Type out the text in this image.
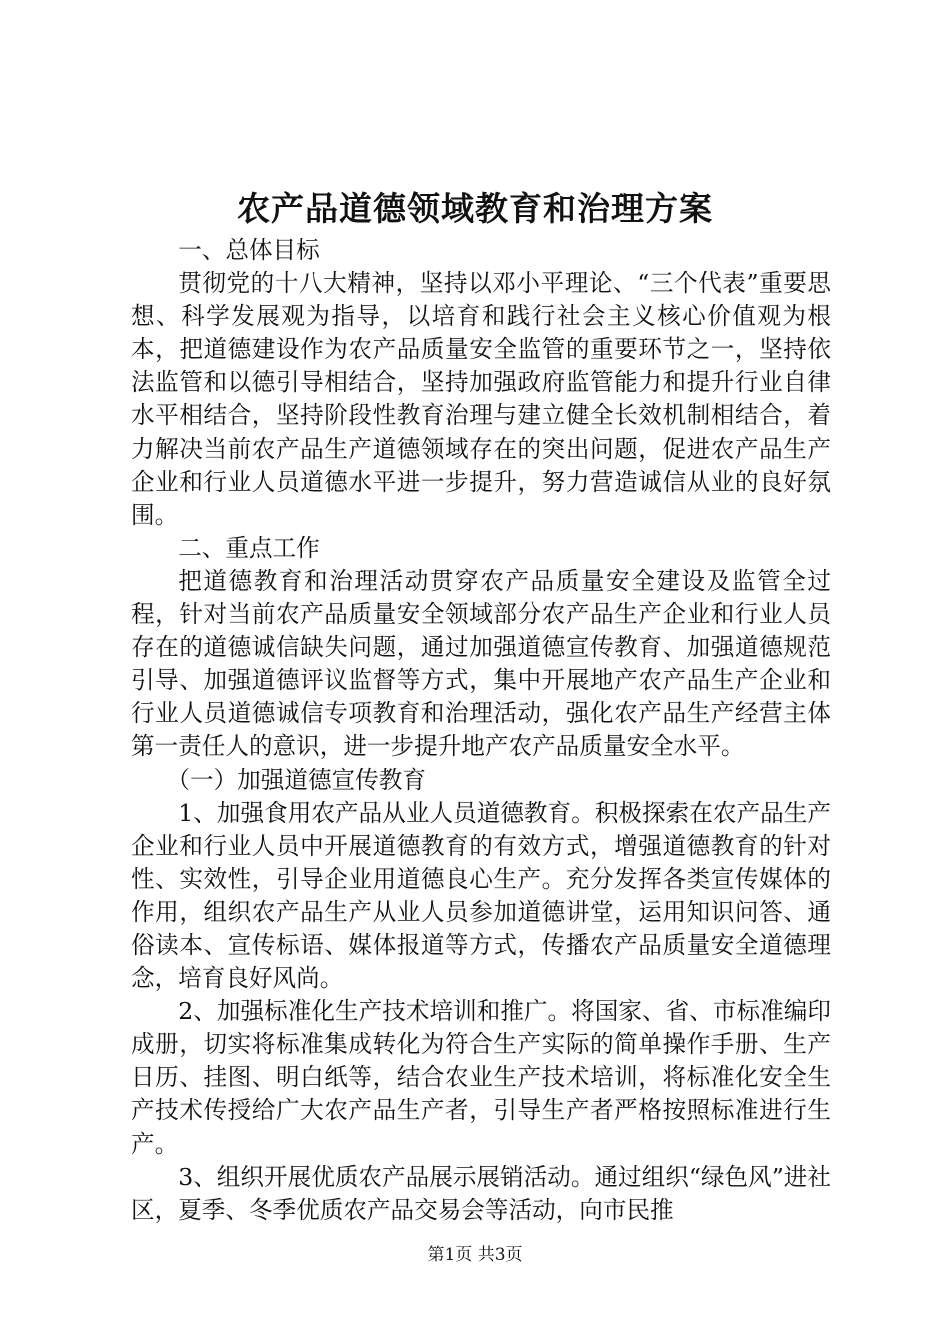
农产品道德领域教育和治理方案

一、总体目标

贯彻党的十八大精神，坚持以邓小平理论、“三个代表”重要思想、科学发展观为指导，以培育和践行社会主义核心价值观为根本，把道德建设作为农产品质量安全监管的重要环节之一，坚持依法监管和以德引导相结合，坚持加强政府监管能力和提升行业自律水平相结合，坚持阶段性教育治理与建立健全长效机制相结合，着力解决当前农产品生产道德领域存在的突出问题，促进农产品生产企业和行业人员道德水平进一步提升，努力营造诚信从业的良好氛围。

二、重点工作

把道德教育和治理活动贯穿农产品质量安全建设及监管全过程，针对当前农产品质量安全领域部分农产品生产企业和行业人员存在的道德诚信缺失问题，通过加强道德宣传教育、加强道德规范引导、加强道德评议监督等方式，集中开展地产农产品生产企业和行业人员道德诚信专项教育和治理活动，强化农产品生产经营主体第一责任人的意识，进一步提升地产农产品质量安全水平。

（一）加强道德宣传教育

1、加强食用农产品从业人员道德教育。积极探索在农产品生产企业和行业人员中开展道德教育的有效方式，增强道德教育的针对性、实效性，引导企业用道德良心生产。充分发挥各类宣传媒体的作用，组织农产品生产从业人员参加道德讲堂，运用知识问答、通俗读本、宣传标语、媒体报道等方式，传播农产品质量安全道德理念，培育良好风尚。

2、加强标准化生产技术培训和推广。将国家、省、市标准编印成册，切实将标准集成转化为符合生产实际的简单操作手册、生产日历、挂图、明白纸等，结合农业生产技术培训，将标准化安全生产技术传授给广大农产品生产者，引导生产者严格按照标准进行生产。

3、组织开展优质农产品展示展销活动。通过组织“绿色风”进社区，夏季、冬季优质农产品交易会等活动，向市民推

第1页 共3页
